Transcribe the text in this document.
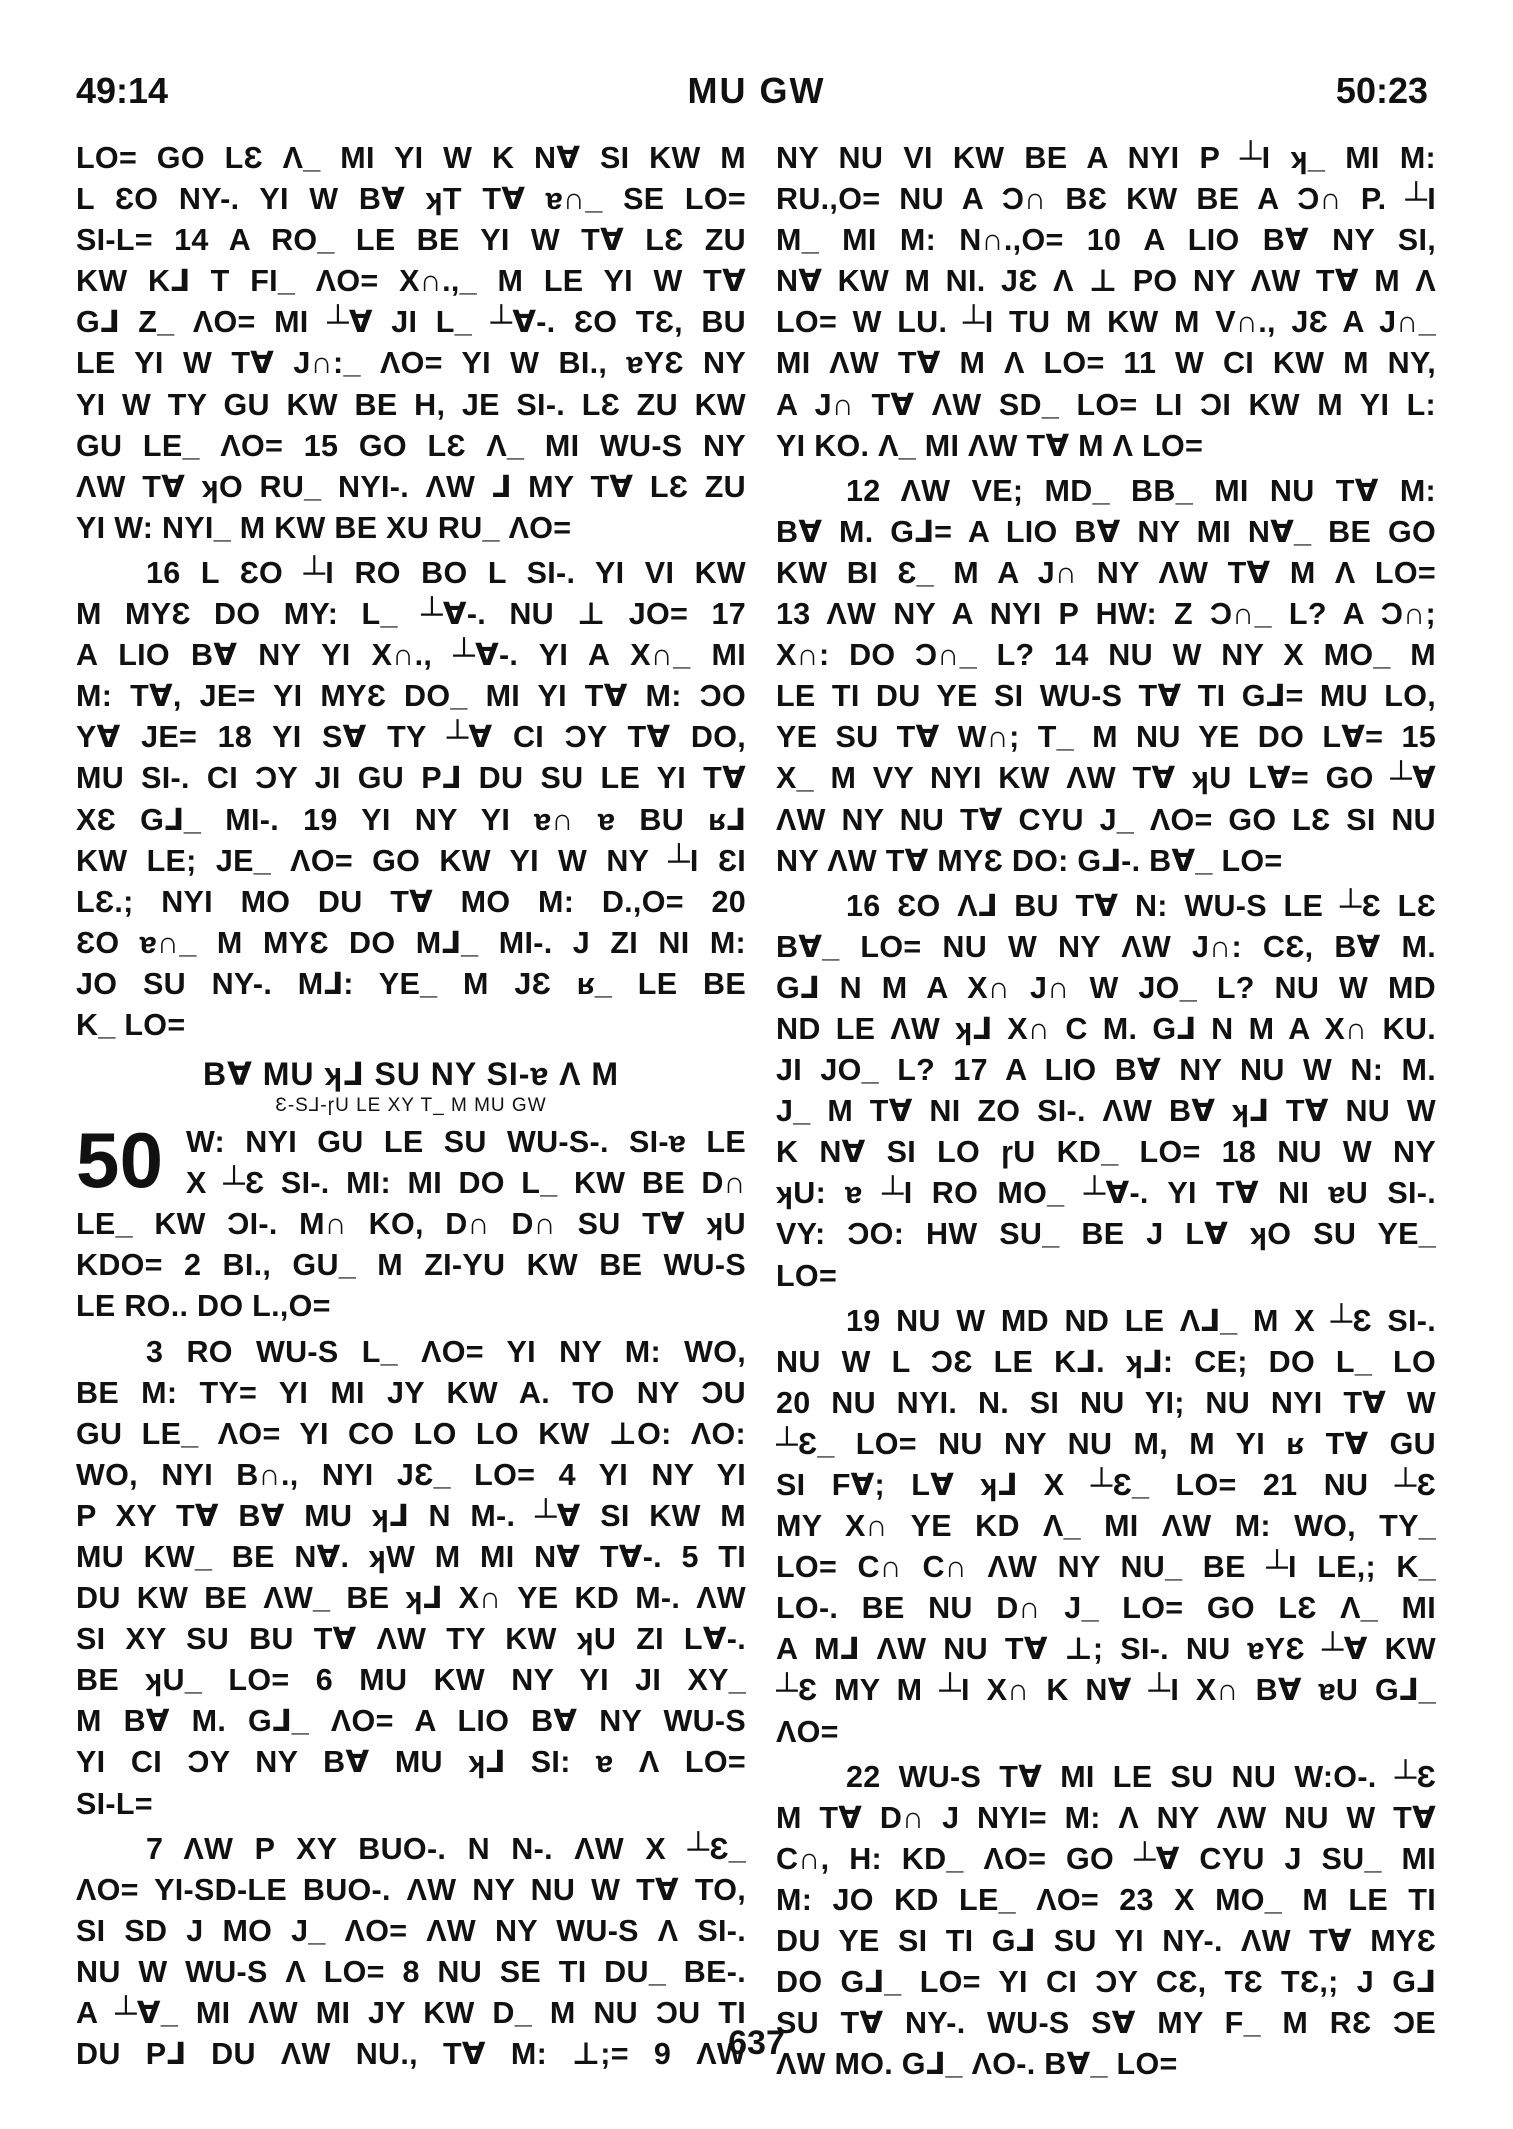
49:14	MU GW	50:23
LO= GO LƐ Λ_ MI YI W K NⱯ SI KW M
L ƐO NY-. YI W BⱯ ʞT TⱯ ɐ∩_ SE LO=
SI-L= 14 A RO_ LE BE YI W TⱯ LƐ ZU
KW K⅃ T FI_ ΛO= X∩.,_ M LE YI W TⱯ
G⅃ Z_ ΛO= MI ┴Ɐ JI L_ ┴Ɐ-. ƐO TƐ, BU
LE YI W TⱯ J∩:_ ΛO= YI W BI., ɐYƐ NY
YI W TY GU KW BE H, JE SI-. LƐ ZU KW
GU LE_ ΛO= 15 GO LƐ Λ_ MI WU-S NY
ΛW TⱯ ʞO RU_ NYI-. ΛW ⅃ MY TⱯ LƐ ZU
YI W: NYI_ M KW BE XU RU_ ΛO=
16 L ƐO ┴I RO BO L SI-. YI VI KW
M MYƐ DO MY: L_ ┴Ɐ-. NU ⊥ JO= 17
A LIO BⱯ NY YI X∩., ┴Ɐ-. YI A X∩_ MI
M: TⱯ, JE= YI MYƐ DO_ MI YI TⱯ M: ƆO
YⱯ JE= 18 YI SⱯ TY ┴Ɐ CI ƆY TⱯ DO,
MU SI-. CI ƆY JI GU P⅃ DU SU LE YI TⱯ
XƐ G⅃_ MI-. 19 YI NY YI ɐ∩ ɐ BU ʁ⅃
KW LE; JE_ ΛO= GO KW YI W NY ┴I ƐI
LƐ.; NYI MO DU TⱯ MO M: D.,O= 20
ƐO ɐ∩_ M MYƐ DO M⅃_ MI-. J ZI NI M:
JO SU NY-. M⅃: YE_ M JƐ ʁ_ LE BE
K_ LO=
BⱯ MU ʞ⅃ SU NY SI-ɐ Λ M
Ɛ-S⅃-ɼU LE XY T_ M MU GW
50 W: NYI GU LE SU WU-S-. SI-ɐ LE
X ┴Ɛ SI-. MI: MI DO L_ KW BE D∩
LE_ KW ƆI-. M∩ KO, D∩ D∩ SU TⱯ ʞU
KDO= 2 BI., GU_ M ZI-YU KW BE WU-S
LE RO.. DO L.,O=
3 RO WU-S L_ ΛO= YI NY M: WO,
BE M: TY= YI MI JY KW A. TO NY ƆU
GU LE_ ΛO= YI CO LO LO KW ⊥O: ΛO:
WO, NYI B∩., NYI JƐ_ LO= 4 YI NY YI
P XY TⱯ BⱯ MU ʞ⅃ N M-. ┴Ɐ SI KW M
MU KW_ BE NⱯ. ʞW M MI NⱯ TⱯ-. 5 TI
DU KW BE ΛW_ BE ʞ⅃ X∩ YE KD M-. ΛW
SI XY SU BU TⱯ ΛW TY KW ʞU ZI LⱯ-.
BE ʞU_ LO= 6 MU KW NY YI JI XY_
M BⱯ M. G⅃_ ΛO= A LIO BⱯ NY WU-S
YI CI ƆY NY BⱯ MU ʞ⅃ SI: ɐ Λ LO=
SI-L=
7 ΛW P XY BUO-. N N-. ΛW X ┴Ɛ_
ΛO= YI-SD-LE BUO-. ΛW NY NU W TⱯ TO,
SI SD J MO J_ ΛO= ΛW NY WU-S Λ SI-.
NU W WU-S Λ LO= 8 NU SE TI DU_ BE-.
A ┴Ɐ_ MI ΛW MI JY KW D_ M NU ƆU TI
DU P⅃ DU ΛW NU., TⱯ M: ⊥;= 9 ΛW
NY NU VI KW BE A NYI P ┴I ʞ_ MI M:
RU.,O= NU A Ɔ∩ BƐ KW BE A Ɔ∩ P. ┴I
M_ MI M: N∩.,O= 10 A LIO BⱯ NY SI,
NⱯ KW M NI. JƐ Λ ⊥ PO NY ΛW TⱯ M Λ
LO= W LU. ┴I TU M KW M V∩., JƐ A J∩_
MI ΛW TⱯ M Λ LO= 11 W CI KW M NY,
A J∩ TⱯ ΛW SD_ LO= LI ƆI KW M YI L:
YI KO. Λ_ MI ΛW TⱯ M Λ LO=
12 ΛW VE; MD_ BB_ MI NU TⱯ M:
BⱯ M. G⅃= A LIO BⱯ NY MI NⱯ_ BE GO
KW BI Ɛ_ M A J∩ NY ΛW TⱯ M Λ LO=
13 ΛW NY A NYI P HW: Z Ɔ∩_ L? A Ɔ∩;
X∩: DO Ɔ∩_ L? 14 NU W NY X MO_ M
LE TI DU YE SI WU-S TⱯ TI G⅃= MU LO,
YE SU TⱯ W∩; T_ M NU YE DO LⱯ= 15
X_ M VY NYI KW ΛW TⱯ ʞU LⱯ= GO ┴Ɐ
ΛW NY NU TⱯ CYU J_ ΛO= GO LƐ SI NU
NY ΛW TⱯ MYƐ DO: G⅃-. BⱯ_ LO=
16 ƐO Λ⅃ BU TⱯ N: WU-S LE ┴Ɛ LƐ
BⱯ_ LO= NU W NY ΛW J∩: CƐ, BⱯ M.
G⅃ N M A X∩ J∩ W JO_ L? NU W MD
ND LE ΛW ʞ⅃ X∩ C M. G⅃ N M A X∩ KU.
JI JO_ L? 17 A LIO BⱯ NY NU W N: M.
J_ M TⱯ NI ZO SI-. ΛW BⱯ ʞ⅃ TⱯ NU W
K NⱯ SI LO ɼU KD_ LO= 18 NU W NY
ʞU: ɐ ┴I RO MO_ ┴Ɐ-. YI TⱯ NI ɐU SI-.
VY: ƆO: HW SU_ BE J LⱯ ʞO SU YE_
LO=
19 NU W MD ND LE Λ⅃_ M X ┴Ɛ SI-.
NU W L ƆƐ LE K⅃. ʞ⅃: CE; DO L_ LO
20 NU NYI. N. SI NU YI; NU NYI TⱯ W
┴Ɛ_ LO= NU NY NU M, M YI ʁ TⱯ GU
SI FⱯ; LⱯ ʞ⅃ X ┴Ɛ_ LO= 21 NU ┴Ɛ
MY X∩ YE KD Λ_ MI ΛW M: WO, TY_
LO= C∩ C∩ ΛW NY NU_ BE ┴I LE,; K_
LO-. BE NU D∩ J_ LO= GO LƐ Λ_ MI
A M⅃ ΛW NU TⱯ ⊥; SI-. NU ɐYƐ ┴Ɐ KW
┴Ɛ MY M ┴I X∩ K NⱯ ┴I X∩ BⱯ ɐU G⅃_
ΛO=
22 WU-S TⱯ MI LE SU NU W:O-. ┴Ɛ
M TⱯ D∩ J NYI= M: Λ NY ΛW NU W TⱯ
C∩, H: KD_ ΛO= GO ┴Ɐ CYU J SU_ MI
M: JO KD LE_ ΛO= 23 X MO_ M LE TI
DU YE SI TI G⅃ SU YI NY-. ΛW TⱯ MYƐ
DO G⅃_ LO= YI CI ƆY CƐ, TƐ TƐ,; J G⅃
SU TⱯ NY-. WU-S SⱯ MY F_ M RƐ ƆE
ΛW MO. G⅃_ ΛO-. BⱯ_ LO=
637
